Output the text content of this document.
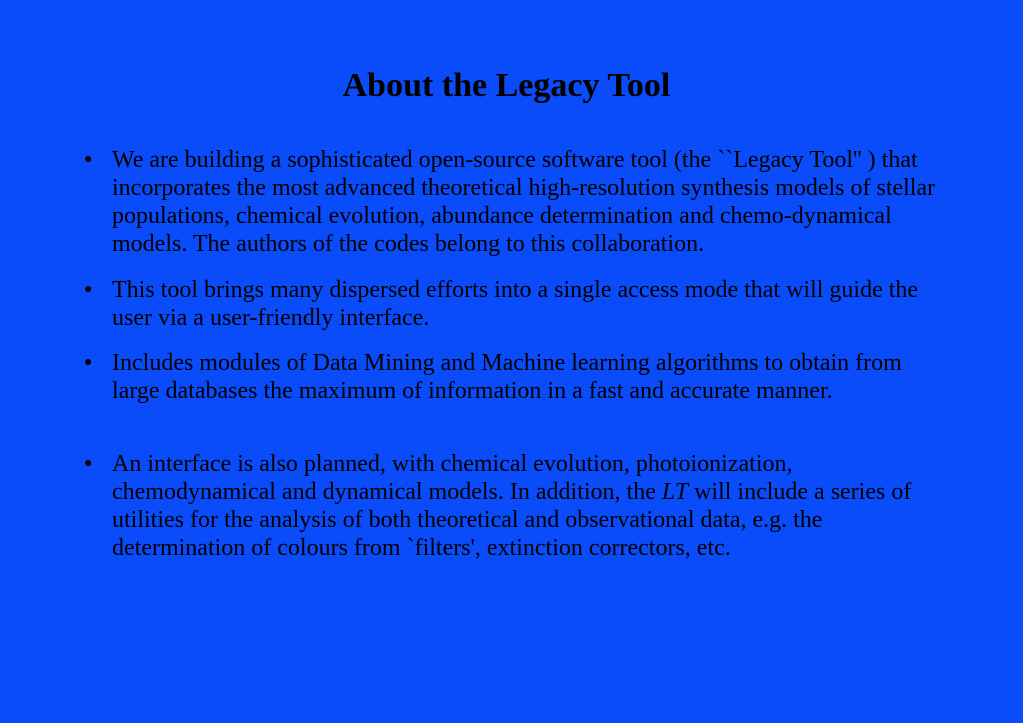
About the Legacy Tool
● We are building a sophisticated open-source software tool (the ``Legacy Tool'' ) that incorporates the most advanced theoretical high-resolution synthesis models of stellar populations, chemical evolution, abundance determination and chemo-dynamical models. The authors of the codes belong to this collaboration.
● This tool brings many dispersed efforts into a single access mode that will guide the user via a user-friendly interface.
● Includes modules of Data Mining and Machine learning algorithms to obtain from large databases the maximum of information in a fast and accurate manner.
● An interface is also planned, with chemical evolution, photoionization, chemodynamical and dynamical models. In addition, the LT will include a series of utilities for the analysis of both theoretical and observational data, e.g. the determination of colours from `filters', extinction correctors, etc.
